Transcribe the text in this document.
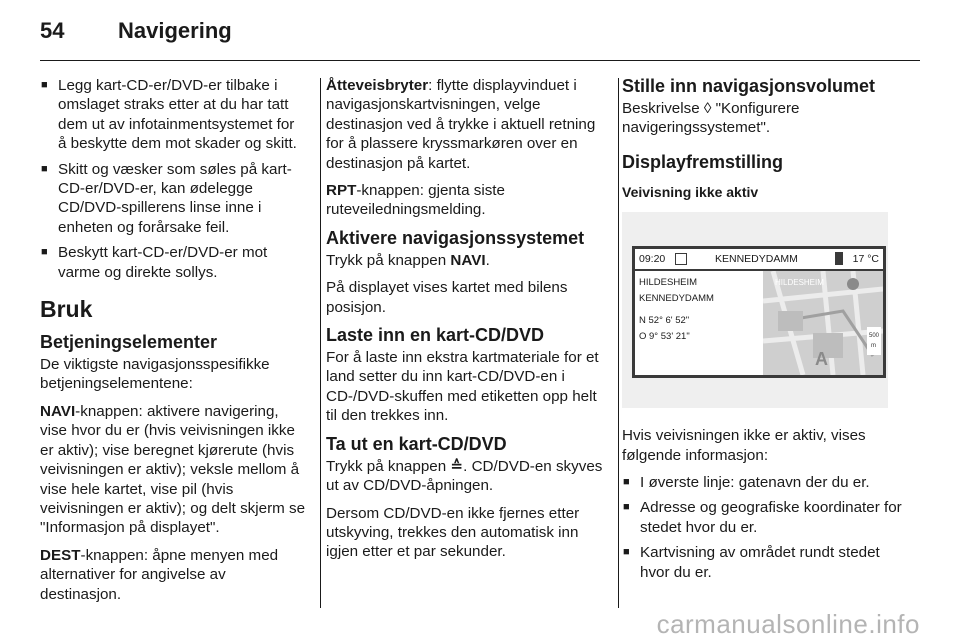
54 Navigering
■ Legg kart-CD-er/DVD-er tilbake i omslaget straks etter at du har tatt dem ut av infotainmentsystemet for å beskytte dem mot skader og skitt.
■ Skitt og væsker som søles på kart-CD-er/DVD-er, kan ødelegge CD/DVD-spillerens linse inne i enheten og forårsake feil.
■ Beskytt kart-CD-er/DVD-er mot varme og direkte sollys.
Bruk
Betjeningselementer

De viktigste navigasjonsspesifikke betjeningselementene:

NAVI-knappen: aktivere navigering, vise hvor du er (hvis veivisningen ikke er aktiv); vise beregnet kjørerute (hvis veivisningen er aktiv); veksle mellom å vise hele kartet, vise pil (hvis veivisningen er aktiv); og delt skjerm se "Informasjon på displayet".

DEST-knappen: åpne menyen med alternativer for angivelse av destinasjon.

Åtteveisbryter: flytte displayvinduet i navigasjonskartvisningen, velge destinasjon ved å trykke i aktuell retning for å plassere kryssmarkøren over en destinasjon på kartet.

RPT-knappen: gjenta siste ruteveiledningsmelding.

Aktivere navigasjonssystemet

Trykk på knappen NAVI.

På displayet vises kartet med bilens posisjon.

Laste inn en kart-CD/DVD

For å laste inn ekstra kartmateriale for et land setter du inn kart-CD/DVD-en i CD-/DVD-skuffen med etiketten opp helt til den trekkes inn.

Ta ut en kart-CD/DVD

Trykk på knappen ≙. CD/DVD-en skyves ut av CD/DVD-åpningen.

Dersom CD/DVD-en ikke fjernes etter utskyving, trekkes den automatisk inn igjen etter et par sekunder.

Stille inn navigasjonsvolumet

Beskrivelse ◊ "Konfigurere navigeringssystemet".

Displayfremstilling
Veivisning ikke aktiv
09:20	KENNEDYDAMM	17 °C
HILDESHEIM
KENNEDYDAMM
N 52° 6' 52"
O 9° 53' 21"
HILDESHEIM
A
500
m

Hvis veivisningen ikke er aktiv, vises følgende informasjon:

■ I øverste linje: gatenavn der du er.
■ Adresse og geografiske koordinater for stedet hvor du er.
■ Kartvisning av området rundt stedet hvor du er.
carmanualsonline.info
